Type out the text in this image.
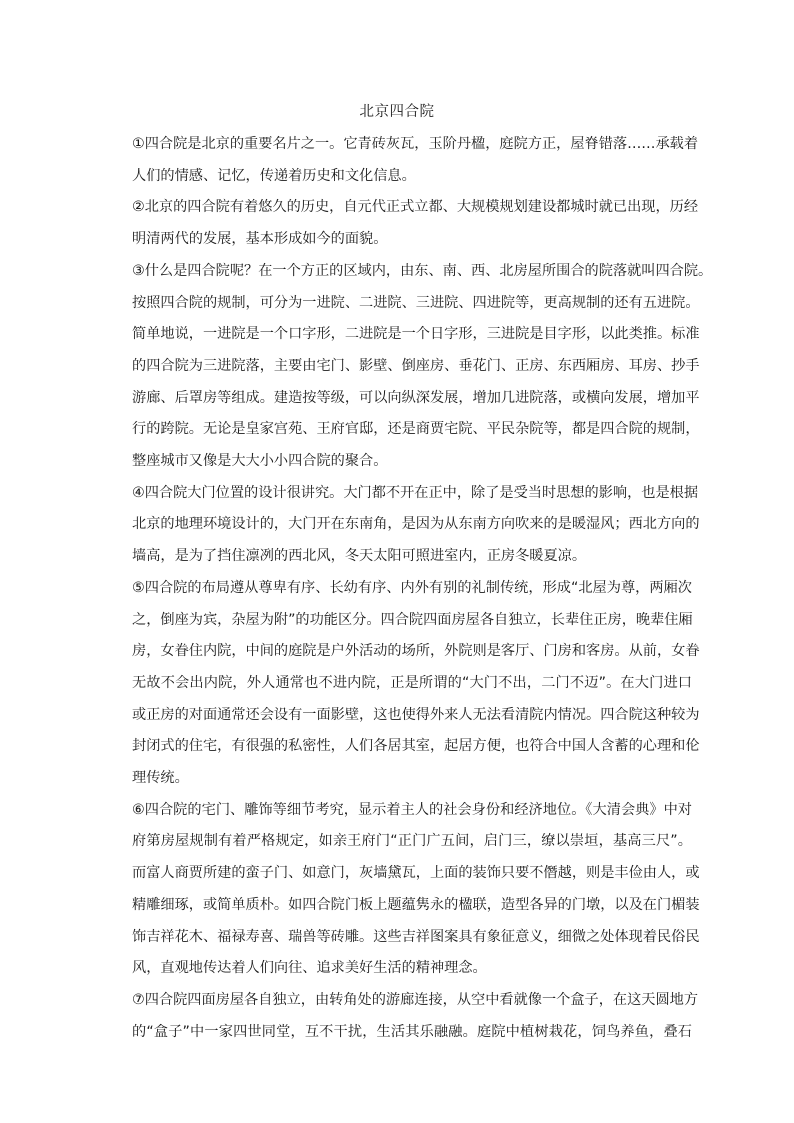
北京四合院
①四合院是北京的重要名片之一。它青砖灰瓦，玉阶丹楹，庭院方正，屋脊错落……承载着
人们的情感、记忆，传递着历史和文化信息。
②北京的四合院有着悠久的历史，自元代正式立都、大规模规划建设都城时就已出现，历经
明清两代的发展，基本形成如今的面貌。
③什么是四合院呢？在一个方正的区域内，由东、南、西、北房屋所围合的院落就叫四合院。
按照四合院的规制，可分为一进院、二进院、三进院、四进院等，更高规制的还有五进院。
简单地说，一进院是一个口字形，二进院是一个日字形，三进院是目字形，以此类推。标准
的四合院为三进院落，主要由宅门、影壁、倒座房、垂花门、正房、东西厢房、耳房、抄手
游廊、后罩房等组成。建造按等级，可以向纵深发展，增加几进院落，或横向发展，增加平
行的跨院。无论是皇家宫苑、王府官邸，还是商贾宅院、平民杂院等，都是四合院的规制，
整座城市又像是大大小小四合院的聚合。
④四合院大门位置的设计很讲究。大门都不开在正中，除了是受当时思想的影响，也是根据
北京的地理环境设计的，大门开在东南角，是因为从东南方向吹来的是暖湿风；西北方向的
墙高，是为了挡住凛冽的西北风，冬天太阳可照进室内，正房冬暖夏凉。
⑤四合院的布局遵从尊卑有序、长幼有序、内外有别的礼制传统，形成“北屋为尊，两厢次
之，倒座为宾，杂屋为附”的功能区分。四合院四面房屋各自独立，长辈住正房，晚辈住厢
房，女眷住内院，中间的庭院是户外活动的场所，外院则是客厅、门房和客房。从前，女眷
无故不会出内院，外人通常也不进内院，正是所谓的“大门不出，二门不迈”。在大门进口
或正房的对面通常还会设有一面影壁，这也使得外来人无法看清院内情况。四合院这种较为
封闭式的住宅，有很强的私密性，人们各居其室，起居方便，也符合中国人含蓄的心理和伦
理传统。
⑥四合院的宅门、雕饰等细节考究，显示着主人的社会身份和经济地位。《大清会典》中对
府第房屋规制有着严格规定，如亲王府门“正门广五间，启门三，缭以崇垣，基高三尺”。
而富人商贾所建的蛮子门、如意门，灰墙黛瓦，上面的装饰只要不僭越，则是丰俭由人，或
精雕细琢，或简单质朴。如四合院门板上题蕴隽永的楹联，造型各异的门墩，以及在门楣装
饰吉祥花木、福禄寿喜、瑞兽等砖雕。这些吉祥图案具有象征意义，细微之处体现着民俗民
风，直观地传达着人们向往、追求美好生活的精神理念。
⑦四合院四面房屋各自独立，由转角处的游廊连接，从空中看就像一个盒子，在这天圆地方
的“盒子”中一家四世同堂，互不干扰，生活其乐融融。庭院中植树栽花，饲鸟养鱼，叠石
